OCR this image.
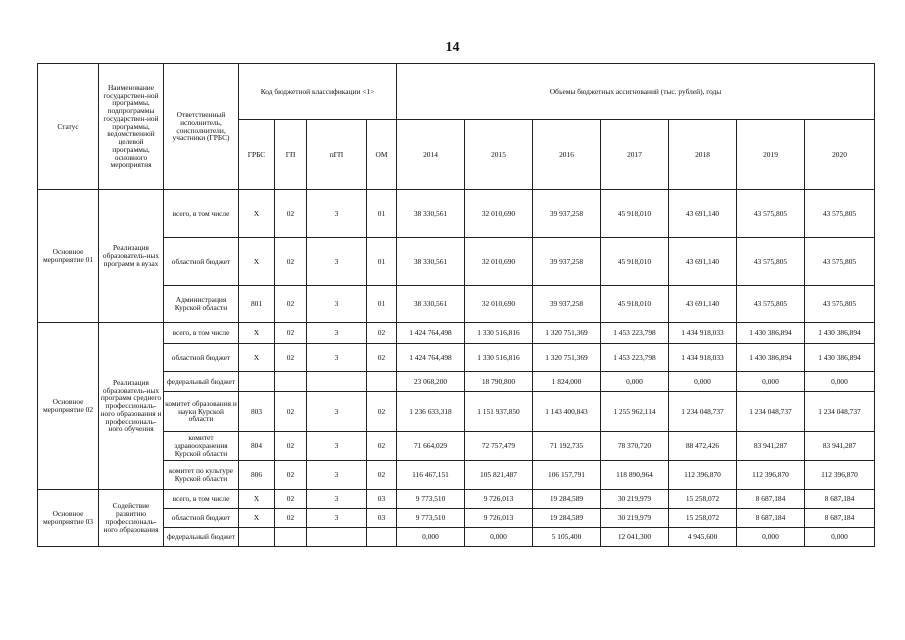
14
Статус	Наименование государствен-ной программы, подпрограммы государствен-ной программы, ведомственной целевой программы, основного мероприятия	Ответственный исполнитель, соисполнители, участники (ГРБС)	Код бюджетной классификации <1>				Объемы бюджетных ассигнований (тыс. рублей), годы						
			ГРБС	ГП	пГП	ОМ	2014	2015	2016	2017	2018	2019	2020
Основное мероприятие 01	Реализация образователь-ных программ в вузах	всего, в том числе	Х	02	3	01	38 330,561	32 010,690	39 937,258	45 918,010	43 691,140	43 575,805	43 575,805
		областной бюджет	Х	02	3	01	38 330,561	32 010,690	39 937,258	45 918,010	43 691,140	43 575,805	43 575,805
		Администрация Курской области	801	02	3	01	38 330,561	32 010,690	39 937,258	45 918,010	43 691,140	43 575,805	43 575,805
Основное мероприятие 02	Реализация образователь-ных программ среднего профессиональ-ного образования и профессиональ-ного обучения	всего, в том числе	Х	02	3	02	1 424 764,498	1 330 516,816	1 320 751,369	1 453 223,798	1 434 918,033	1 430 386,894	1 430 386,894
		областной бюджет	Х	02	3	02	1 424 764,498	1 330 516,816	1 320 751,369	1 453 223,798	1 434 918,033	1 430 386,894	1 430 386,894
		федеральный бюджет					23 068,200	18 790,800	1 824,000	0,000	0,000	0,000	0,000
		комитет образования и науки Курской области	803	02	3	02	1 236 633,318	1 151 937,850	1 143 400,843	1 255 962,114	1 234 048,737	1 234 048,737	1 234 048,737
		комитет здравоохранения Курской области	804	02	3	02	71 664,029	72 757,479	71 192,735	78 370,720	88 472,426	83 941,287	83 941,287
		комитет по культуре Курской области	806	02	3	02	116 467,151	105 821,487	106 157,791	118 890,964	112 396,870	112 396,870	112 396,870
Основное мероприятие 03	Содействие развитию профессиональ-ного образования	всего, в том числе	Х	02	3	03	9 773,510	9 726,013	19 284,589	30 219,979	15 258,072	8 687,184	8 687,184
		областной бюджет	Х	02	3	03	9 773,510	9 726,013	19 284,589	30 219,979	15 258,072	8 687,184	8 687,184
		федеральный бюджет					0,000	0,000	5 105,400	12 041,300	4 945,600	0,000	0,000
